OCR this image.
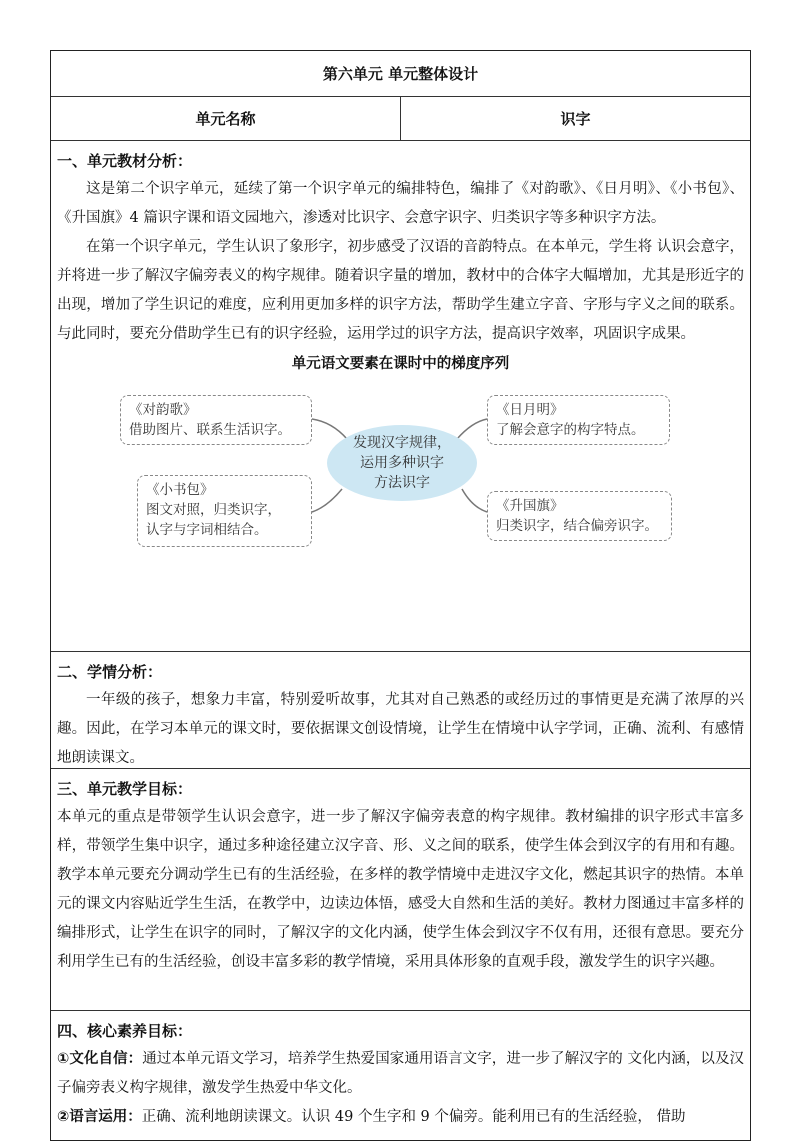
第六单元 单元整体设计
单元名称	识字
一、单元教材分析：

这是第二个识字单元，延续了第一个识字单元的编排特色，编排了《对韵歌》、《日月明》、《小书包》、《升国旗》4 篇识字课和语文园地六，渗透对比识字、会意字识字、归类识字等多种识字方法。

在第一个识字单元，学生认识了象形字，初步感受了汉语的音韵特点。在本单元，学生将 认识会意字，并将进一步了解汉字偏旁表义的构字规律。随着识字量的增加，教材中的合体字大幅增加，尤其是形近字的出现，增加了学生识记的难度，应利用更加多样的识字方法，帮助学生建立字音、字形与字义之间的联系。与此同时，要充分借助学生已有的识字经验，运用学过的识字方法，提高识字效率，巩固识字成果。

单元语文要素在课时中的梯度序列
《对韵歌》
借助图片、联系生活识字。
《日月明》
了解会意字的构字特点。
发现汉字规律，
运用多种识字
方法识字
《小书包》
图文对照，归类识字，
认字与字词相结合。
《升国旗》
归类识字，结合偏旁识字。
二、学情分析：

一年级的孩子，想象力丰富，特别爱听故事，尤其对自己熟悉的或经历过的事情更是充满了浓厚的兴趣。因此，在学习本单元的课文时，要依据课文创设情境，让学生在情境中认字学词，正确、流利、有感情地朗读课文。

三、单元教学目标：

本单元的重点是带领学生认识会意字，进一步了解汉字偏旁表意的构字规律。教材编排的识字形式丰富多样，带领学生集中识字，通过多种途径建立汉字音、形、义之间的联系，使学生体会到汉字的有用和有趣。教学本单元要充分调动学生已有的生活经验，在多样的教学情境中走进汉字文化，燃起其识字的热情。本单元的课文内容贴近学生生活，在教学中，边读边体悟，感受大自然和生活的美好。教材力图通过丰富多样的编排形式，让学生在识字的同时，了解汉字的文化内涵，使学生体会到汉字不仅有用，还很有意思。要充分利用学生已有的生活经验，创设丰富多彩的教学情境，采用具体形象的直观手段，激发学生的识字兴趣。

四、核心素养目标：

①文化自信：通过本单元语文学习，培养学生热爱国家通用语言文字，进一步了解汉字的 文化内涵，以及汉子偏旁表义构字规律，激发学生热爱中华文化。

②语言运用：正确、流利地朗读课文。认识 49 个生字和 9 个偏旁。能利用已有的生活经验， 借助
